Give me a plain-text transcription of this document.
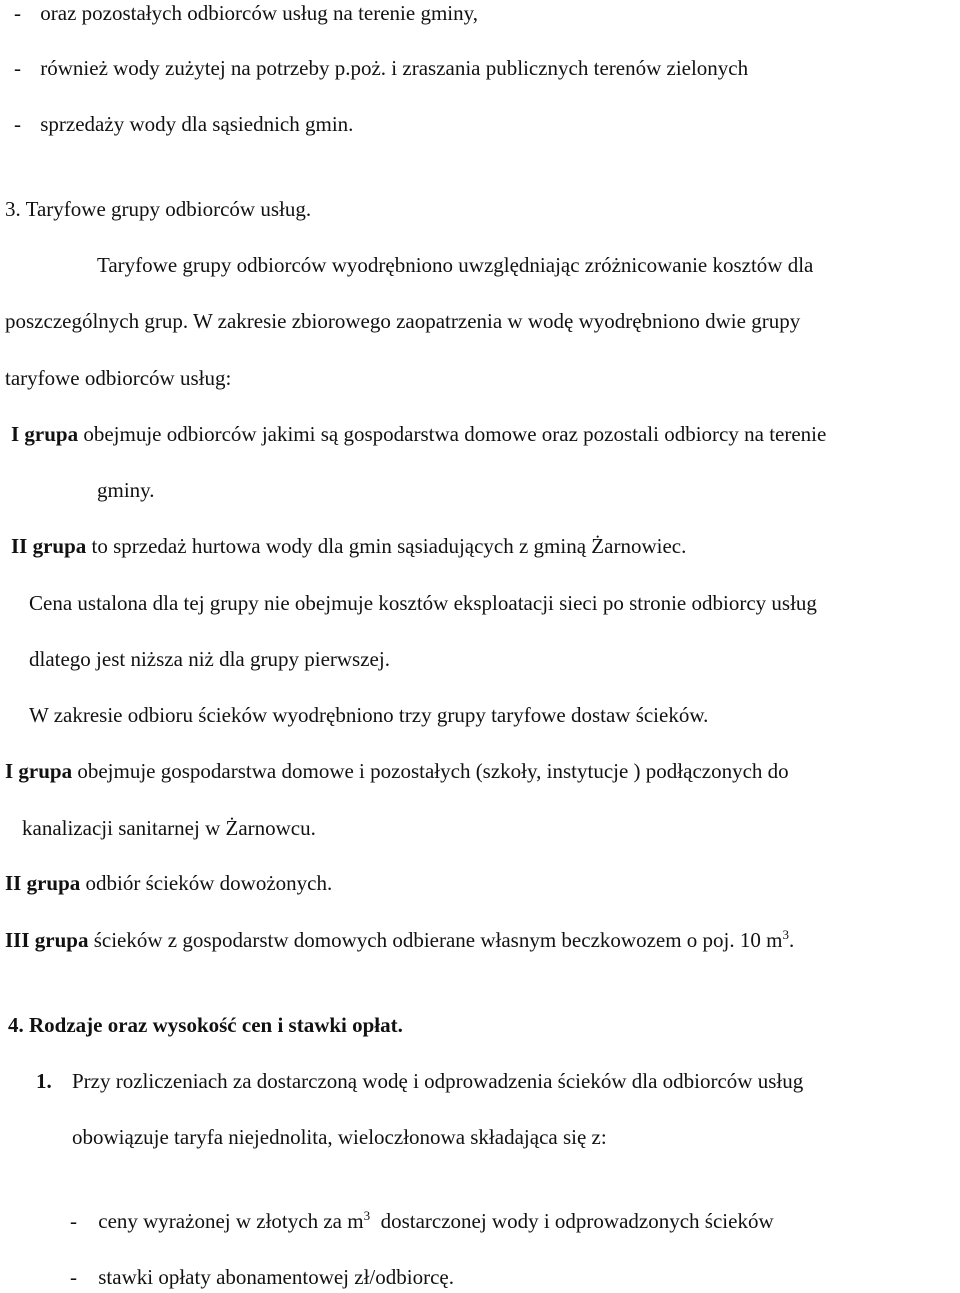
- oraz pozostałych odbiorców usług na terenie gminy,
- również wody zużytej na potrzeby p.poż. i zraszania publicznych terenów zielonych
- sprzedaży wody dla sąsiednich gmin.
3. Taryfowe grupy odbiorców usług.
Taryfowe grupy odbiorców wyodrębniono uwzględniając zróżnicowanie kosztów dla
poszczególnych grup. W zakresie zbiorowego zaopatrzenia w wodę wyodrębniono dwie grupy
taryfowe odbiorców usług:
I grupa obejmuje odbiorców jakimi są gospodarstwa domowe oraz pozostali odbiorcy na terenie
gminy.
II grupa to sprzedaż hurtowa wody dla gmin sąsiadujących z gminą Żarnowiec.
Cena ustalona dla tej grupy nie obejmuje kosztów eksploatacji sieci po stronie odbiorcy usług
dlatego jest niższa niż dla grupy pierwszej.
W zakresie odbioru ścieków wyodrębniono trzy grupy taryfowe dostaw ścieków.
I grupa obejmuje gospodarstwa domowe i pozostałych (szkoły, instytucje ) podłączonych do
kanalizacji sanitarnej w Żarnowcu.
II grupa odbiór ścieków dowożonych.
III grupa ścieków z gospodarstw domowych odbierane własnym beczkowozem o poj. 10 $m^3$.
4. Rodzaje oraz wysokość cen i stawki opłat.
1. Przy rozliczeniach za dostarczoną wodę i odprowadzenia ścieków dla odbiorców usług
obowiązuje taryfa niejednolita, wieloczłonowa składająca się z:
- ceny wyrażonej w złotych za $m^3$  dostarczonej wody i odprowadzonych ścieków
- stawki opłaty abonamentowej zł/odbiorcę.
